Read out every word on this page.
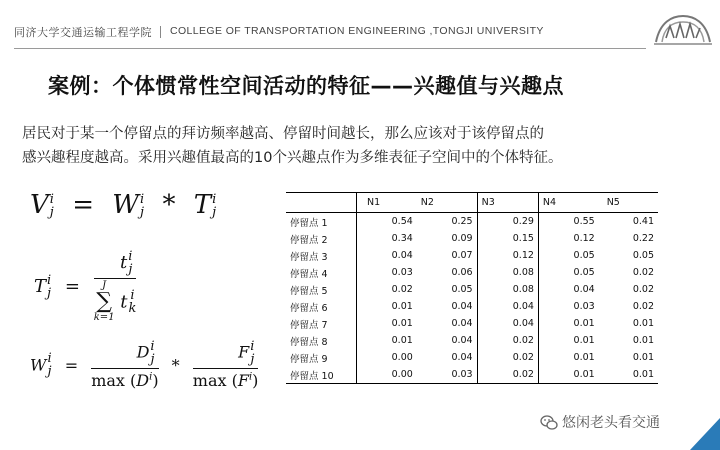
同济大学交通运输工程学院 COLLEGE OF TRANSPORTATION ENGINEERING ,TONGJI UNIVERSITY
案例：个体惯常性空间活动的特征——兴趣值与兴趣点
居民对于某一个停留点的拜访频率越高、停留时间越长，那么应该对于该停留点的
感兴趣程度越高。采用兴趣值最高的10个兴趣点作为多维表征子空间中的个体特征。
V i
j = W i
j * T i
j
T i
j = t i
j
J
∑
k=1
t i
k
W i
j = D i
j
$\max (D^i)$ * F i
j
$\max (F^i)$
	N1	N2	N3	N4	N5
停留点 1	0.54	0.25	0.29	0.55	0.41
停留点 2	0.34	0.09	0.15	0.12	0.22
停留点 3	0.04	0.07	0.12	0.05	0.05
停留点 4	0.03	0.06	0.08	0.05	0.02
停留点 5	0.02	0.05	0.08	0.04	0.02
停留点 6	0.01	0.04	0.04	0.03	0.02
停留点 7	0.01	0.04	0.04	0.01	0.01
停留点 8	0.01	0.04	0.02	0.01	0.01
停留点 9	0.00	0.04	0.02	0.01	0.01
停留点 10	0.00	0.03	0.02	0.01	0.01
悠闲老头看交通
